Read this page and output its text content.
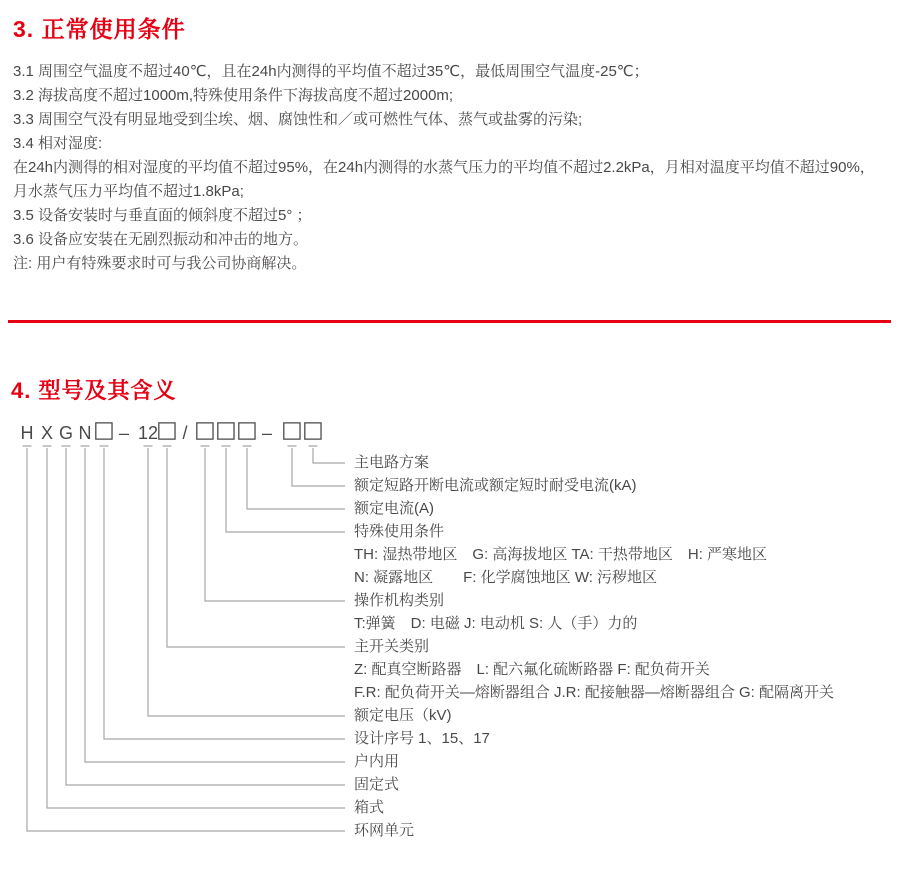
3. 正常使用条件

3.1 周围空气温度不超过40℃，且在24h内测得的平均值不超过35℃，最低周围空气温度-25℃；

3.2 海拔高度不超过1000m,特殊使用条件下海拔高度不超过2000m;

3.3 周围空气没有明显地受到尘埃、烟、腐蚀性和／或可燃性气体、蒸气或盐雾的污染;

3.4 相对湿度:

在24h内测得的相对湿度的平均值不超过95%，在24h内测得的水蒸气压力的平均值不超过2.2kPa，月相对温度平均值不超过90%，

月水蒸气压力平均值不超过1.8kPa;

3.5 设备安装时与垂直面的倾斜度不超过5° ；

3.6 设备应安装在无剧烈振动和冲击的地方。

注: 用户有特殊要求时可与我公司协商解决。

4. 型号及其含义
H X G N □ – 12
□ / □ □ □ – □ □
主电路方案
额定短路开断电流或额定短时耐受电流(kA)
额定电流(A)
特殊使用条件
TH: 湿热带地区　G: 高海拔地区 TA: 干热带地区　H: 严寒地区
N: 凝露地区　　F: 化学腐蚀地区 W: 污秽地区
操作机构类别
T:弹簧　D: 电磁 J: 电动机 S: 人（手）力的
主开关类别
Z: 配真空断路器　L: 配六氟化硫断路器 F: 配负荷开关
F.R: 配负荷开关—熔断器组合 J.R: 配接触器—熔断器组合 G: 配隔离开关
额定电压（kV)
设计序号 1、15、17
户内用
固定式
箱式
环网单元
